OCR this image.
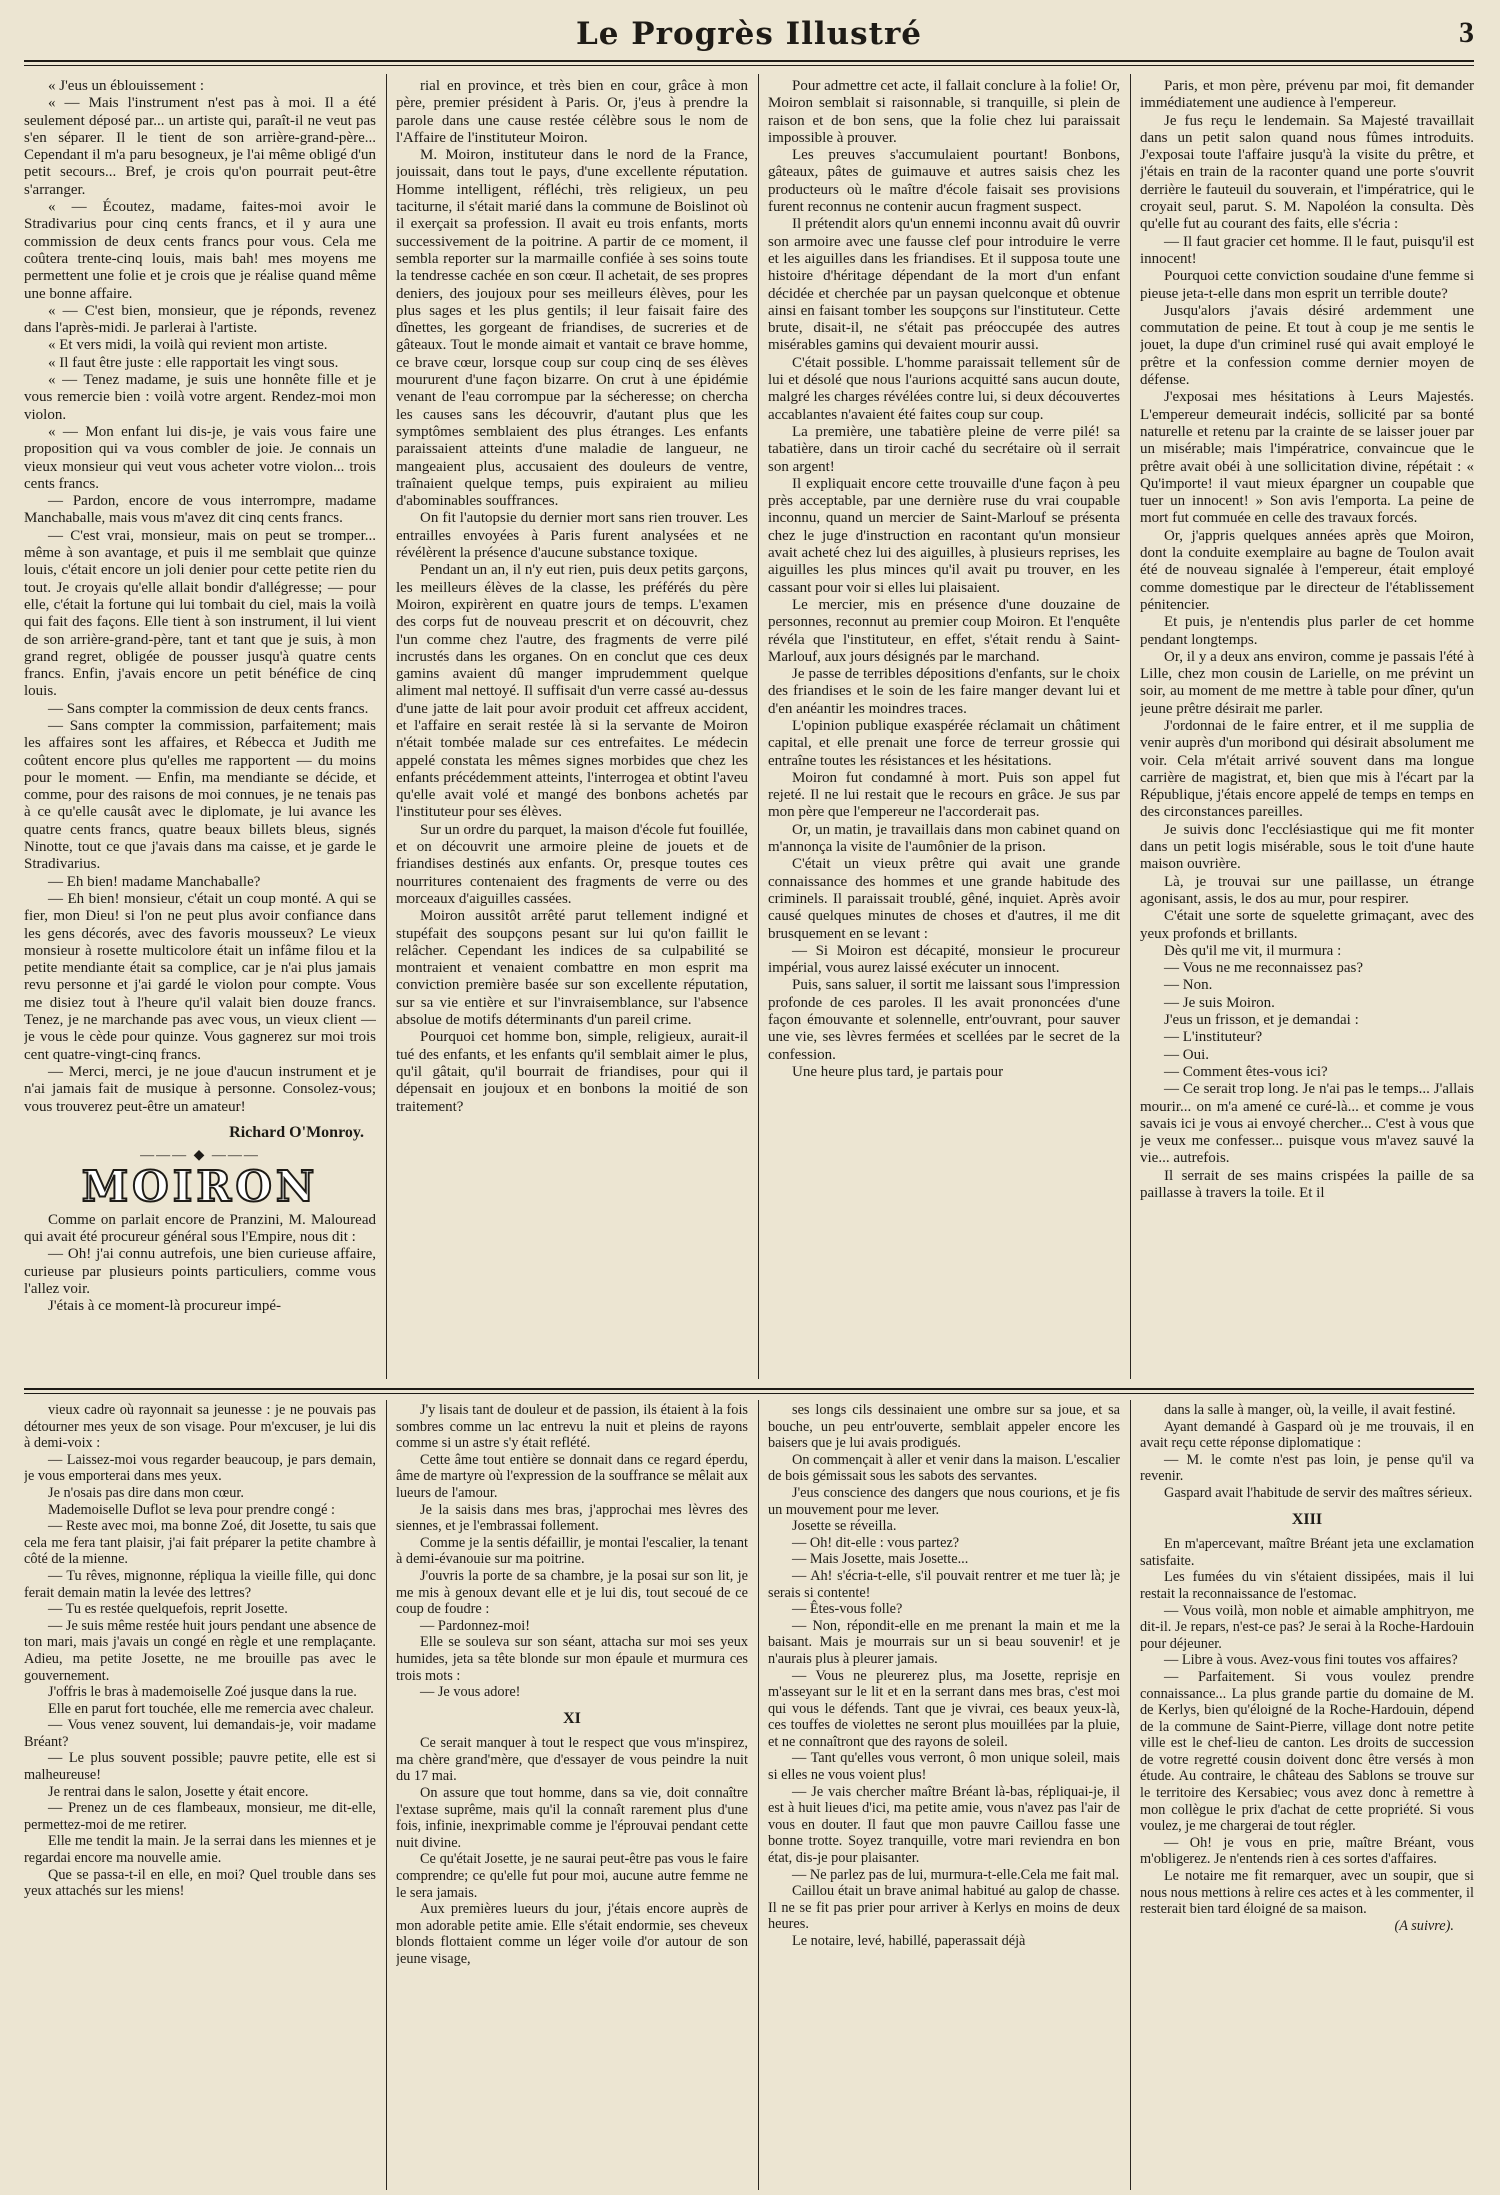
Le Progrès Illustré	3

« J'eus un éblouissement :

« — Mais l'instrument n'est pas à moi. Il a été seulement déposé par... un artiste qui, paraît-il ne veut pas s'en séparer. Il le tient de son arrière-grand-père... Cependant il m'a paru besogneux, je l'ai même obligé d'un petit secours... Bref, je crois qu'on pourrait peut-être s'arranger.

« — Écoutez, madame, faites-moi avoir le Stradivarius pour cinq cents francs, et il y aura une commission de deux cents francs pour vous. Cela me coûtera trente-cinq louis, mais bah! mes moyens me permettent une folie et je crois que je réalise quand même une bonne affaire.

« — C'est bien, monsieur, que je réponds, revenez dans l'après-midi. Je parlerai à l'artiste.

« Et vers midi, la voilà qui revient mon artiste.

« Il faut être juste : elle rapportait les vingt sous.

« — Tenez madame, je suis une honnête fille et je vous remercie bien : voilà votre argent. Rendez-moi mon violon.

« — Mon enfant lui dis-je, je vais vous faire une proposition qui va vous combler de joie. Je connais un vieux monsieur qui veut vous acheter votre violon... trois cents francs.

— Pardon, encore de vous interrompre, madame Manchaballe, mais vous m'avez dit cinq cents francs.

— C'est vrai, monsieur, mais on peut se tromper... même à son avantage, et puis il me semblait que quinze louis, c'était encore un joli denier pour cette petite rien du tout. Je croyais qu'elle allait bondir d'allégresse; — pour elle, c'était la fortune qui lui tombait du ciel, mais la voilà qui fait des façons. Elle tient à son instrument, il lui vient de son arrière-grand-père, tant et tant que je suis, à mon grand regret, obligée de pousser jusqu'à quatre cents francs. Enfin, j'avais encore un petit bénéfice de cinq louis.

— Sans compter la commission de deux cents francs.

— Sans compter la commission, parfaitement; mais les affaires sont les affaires, et Rébecca et Judith me coûtent encore plus qu'elles me rapportent — du moins pour le moment. — Enfin, ma mendiante se décide, et comme, pour des raisons de moi connues, je ne tenais pas à ce qu'elle causât avec le diplomate, je lui avance les quatre cents francs, quatre beaux billets bleus, signés Ninotte, tout ce que j'avais dans ma caisse, et je garde le Stradivarius.

— Eh bien! madame Manchaballe?

— Eh bien! monsieur, c'était un coup monté. A qui se fier, mon Dieu! si l'on ne peut plus avoir confiance dans les gens décorés, avec des favoris mousseux? Le vieux monsieur à rosette multicolore était un infâme filou et la petite mendiante était sa complice, car je n'ai plus jamais revu personne et j'ai gardé le violon pour compte. Vous me disiez tout à l'heure qu'il valait bien douze francs. Tenez, je ne marchande pas avec vous, un vieux client — je vous le cède pour quinze. Vous gagnerez sur moi trois cent quatre-vingt-cinq francs.

— Merci, merci, je ne joue d'aucun instrument et je n'ai jamais fait de musique à personne. Consolez-vous; vous trouverez peut-être un amateur!

Richard O'Monroy.

——— ◆ ———

MOIRON

Comme on parlait encore de Pranzini, M. Malouread qui avait été procureur général sous l'Empire, nous dit :

— Oh! j'ai connu autrefois, une bien curieuse affaire, curieuse par plusieurs points particuliers, comme vous l'allez voir.

J'étais à ce moment-là procureur impé-

rial en province, et très bien en cour, grâce à mon père, premier président à Paris. Or, j'eus à prendre la parole dans une cause restée célèbre sous le nom de l'Affaire de l'instituteur Moiron.

M. Moiron, instituteur dans le nord de la France, jouissait, dans tout le pays, d'une excellente réputation. Homme intelligent, réfléchi, très religieux, un peu taciturne, il s'était marié dans la commune de Boislinot où il exerçait sa profession. Il avait eu trois enfants, morts successivement de la poitrine. A partir de ce moment, il sembla reporter sur la marmaille confiée à ses soins toute la tendresse cachée en son cœur. Il achetait, de ses propres deniers, des joujoux pour ses meilleurs élèves, pour les plus sages et les plus gentils; il leur faisait faire des dînettes, les gorgeant de friandises, de sucreries et de gâteaux. Tout le monde aimait et vantait ce brave homme, ce brave cœur, lorsque coup sur coup cinq de ses élèves moururent d'une façon bizarre. On crut à une épidémie venant de l'eau corrompue par la sécheresse; on chercha les causes sans les découvrir, d'autant plus que les symptômes semblaient des plus étranges. Les enfants paraissaient atteints d'une maladie de langueur, ne mangeaient plus, accusaient des douleurs de ventre, traînaient quelque temps, puis expiraient au milieu d'abominables souffrances.

On fit l'autopsie du dernier mort sans rien trouver. Les entrailles envoyées à Paris furent analysées et ne révélèrent la présence d'aucune substance toxique.

Pendant un an, il n'y eut rien, puis deux petits garçons, les meilleurs élèves de la classe, les préférés du père Moiron, expirèrent en quatre jours de temps. L'examen des corps fut de nouveau prescrit et on découvrit, chez l'un comme chez l'autre, des fragments de verre pilé incrustés dans les organes. On en conclut que ces deux gamins avaient dû manger imprudemment quelque aliment mal nettoyé. Il suffisait d'un verre cassé au-dessus d'une jatte de lait pour avoir produit cet affreux accident, et l'affaire en serait restée là si la servante de Moiron n'était tombée malade sur ces entrefaites. Le médecin appelé constata les mêmes signes morbides que chez les enfants précédemment atteints, l'interrogea et obtint l'aveu qu'elle avait volé et mangé des bonbons achetés par l'instituteur pour ses élèves.

Sur un ordre du parquet, la maison d'école fut fouillée, et on découvrit une armoire pleine de jouets et de friandises destinés aux enfants. Or, presque toutes ces nourritures contenaient des fragments de verre ou des morceaux d'aiguilles cassées.

Moiron aussitôt arrêté parut tellement indigné et stupéfait des soupçons pesant sur lui qu'on faillit le relâcher. Cependant les indices de sa culpabilité se montraient et venaient combattre en mon esprit ma conviction première basée sur son excellente réputation, sur sa vie entière et sur l'invraisemblance, sur l'absence absolue de motifs déterminants d'un pareil crime.

Pourquoi cet homme bon, simple, religieux, aurait-il tué des enfants, et les enfants qu'il semblait aimer le plus, qu'il gâtait, qu'il bourrait de friandises, pour qui il dépensait en joujoux et en bonbons la moitié de son traitement?

Pour admettre cet acte, il fallait conclure à la folie! Or, Moiron semblait si raisonnable, si tranquille, si plein de raison et de bon sens, que la folie chez lui paraissait impossible à prouver.

Les preuves s'accumulaient pourtant! Bonbons, gâteaux, pâtes de guimauve et autres saisis chez les producteurs où le maître d'école faisait ses provisions furent reconnus ne contenir aucun fragment suspect.

Il prétendit alors qu'un ennemi inconnu avait dû ouvrir son armoire avec une fausse clef pour introduire le verre et les aiguilles dans les friandises. Et il supposa toute une histoire d'héritage dépendant de la mort d'un enfant décidée et cherchée par un paysan quelconque et obtenue ainsi en faisant tomber les soupçons sur l'instituteur. Cette brute, disait-il, ne s'était pas préoccupée des autres misérables gamins qui devaient mourir aussi.

C'était possible. L'homme paraissait tellement sûr de lui et désolé que nous l'aurions acquitté sans aucun doute, malgré les charges révélées contre lui, si deux découvertes accablantes n'avaient été faites coup sur coup.

La première, une tabatière pleine de verre pilé! sa tabatière, dans un tiroir caché du secrétaire où il serrait son argent!

Il expliquait encore cette trouvaille d'une façon à peu près acceptable, par une dernière ruse du vrai coupable inconnu, quand un mercier de Saint-Marlouf se présenta chez le juge d'instruction en racontant qu'un monsieur avait acheté chez lui des aiguilles, à plusieurs reprises, les aiguilles les plus minces qu'il avait pu trouver, en les cassant pour voir si elles lui plaisaient.

Le mercier, mis en présence d'une douzaine de personnes, reconnut au premier coup Moiron. Et l'enquête révéla que l'instituteur, en effet, s'était rendu à Saint-Marlouf, aux jours désignés par le marchand.

Je passe de terribles dépositions d'enfants, sur le choix des friandises et le soin de les faire manger devant lui et d'en anéantir les moindres traces.

L'opinion publique exaspérée réclamait un châtiment capital, et elle prenait une force de terreur grossie qui entraîne toutes les résistances et les hésitations.

Moiron fut condamné à mort. Puis son appel fut rejeté. Il ne lui restait que le recours en grâce. Je sus par mon père que l'empereur ne l'accorderait pas.

Or, un matin, je travaillais dans mon cabinet quand on m'annonça la visite de l'aumônier de la prison.

C'était un vieux prêtre qui avait une grande connaissance des hommes et une grande habitude des criminels. Il paraissait troublé, gêné, inquiet. Après avoir causé quelques minutes de choses et d'autres, il me dit brusquement en se levant :

— Si Moiron est décapité, monsieur le procureur impérial, vous aurez laissé exécuter un innocent.

Puis, sans saluer, il sortit me laissant sous l'impression profonde de ces paroles. Il les avait prononcées d'une façon émouvante et solennelle, entr'ouvrant, pour sauver une vie, ses lèvres fermées et scellées par le secret de la confession.

Une heure plus tard, je partais pour

Paris, et mon père, prévenu par moi, fit demander immédiatement une audience à l'empereur.

Je fus reçu le lendemain. Sa Majesté travaillait dans un petit salon quand nous fûmes introduits. J'exposai toute l'affaire jusqu'à la visite du prêtre, et j'étais en train de la raconter quand une porte s'ouvrit derrière le fauteuil du souverain, et l'impératrice, qui le croyait seul, parut. S. M. Napoléon la consulta. Dès qu'elle fut au courant des faits, elle s'écria :

— Il faut gracier cet homme. Il le faut, puisqu'il est innocent!

Pourquoi cette conviction soudaine d'une femme si pieuse jeta-t-elle dans mon esprit un terrible doute?

Jusqu'alors j'avais désiré ardemment une commutation de peine. Et tout à coup je me sentis le jouet, la dupe d'un criminel rusé qui avait employé le prêtre et la confession comme dernier moyen de défense.

J'exposai mes hésitations à Leurs Majestés. L'empereur demeurait indécis, sollicité par sa bonté naturelle et retenu par la crainte de se laisser jouer par un misérable; mais l'impératrice, convaincue que le prêtre avait obéi à une sollicitation divine, répétait : « Qu'importe! il vaut mieux épargner un coupable que tuer un innocent! » Son avis l'emporta. La peine de mort fut commuée en celle des travaux forcés.

Or, j'appris quelques années après que Moiron, dont la conduite exemplaire au bagne de Toulon avait été de nouveau signalée à l'empereur, était employé comme domestique par le directeur de l'établissement pénitencier.

Et puis, je n'entendis plus parler de cet homme pendant longtemps.

Or, il y a deux ans environ, comme je passais l'été à Lille, chez mon cousin de Larielle, on me prévint un soir, au moment de me mettre à table pour dîner, qu'un jeune prêtre désirait me parler.

J'ordonnai de le faire entrer, et il me supplia de venir auprès d'un moribond qui désirait absolument me voir. Cela m'était arrivé souvent dans ma longue carrière de magistrat, et, bien que mis à l'écart par la République, j'étais encore appelé de temps en temps en des circonstances pareilles.

Je suivis donc l'ecclésiastique qui me fit monter dans un petit logis misérable, sous le toit d'une haute maison ouvrière.

Là, je trouvai sur une paillasse, un étrange agonisant, assis, le dos au mur, pour respirer.

C'était une sorte de squelette grimaçant, avec des yeux profonds et brillants.

Dès qu'il me vit, il murmura :

— Vous ne me reconnaissez pas?

— Non.

— Je suis Moiron.

J'eus un frisson, et je demandai :

— L'instituteur?

— Oui.

— Comment êtes-vous ici?

— Ce serait trop long. Je n'ai pas le temps... J'allais mourir... on m'a amené ce curé-là... et comme je vous savais ici je vous ai envoyé chercher... C'est à vous que je veux me confesser... puisque vous m'avez sauvé la vie... autrefois.

Il serrait de ses mains crispées la paille de sa paillasse à travers la toile. Et il

vieux cadre où rayonnait sa jeunesse : je ne pouvais pas détourner mes yeux de son visage. Pour m'excuser, je lui dis à demi-voix :

— Laissez-moi vous regarder beaucoup, je pars demain, je vous emporterai dans mes yeux.

Je n'osais pas dire dans mon cœur.

Mademoiselle Duflot se leva pour prendre congé :

— Reste avec moi, ma bonne Zoé, dit Josette, tu sais que cela me fera tant plaisir, j'ai fait préparer la petite chambre à côté de la mienne.

— Tu rêves, mignonne, répliqua la vieille fille, qui donc ferait demain matin la levée des lettres?

— Tu es restée quelquefois, reprit Josette.

— Je suis même restée huit jours pendant une absence de ton mari, mais j'avais un congé en règle et une remplaçante. Adieu, ma petite Josette, ne me brouille pas avec le gouvernement.

J'offris le bras à mademoiselle Zoé jusque dans la rue.

Elle en parut fort touchée, elle me remercia avec chaleur.

— Vous venez souvent, lui demandais-je, voir madame Bréant?

— Le plus souvent possible; pauvre petite, elle est si malheureuse!

Je rentrai dans le salon, Josette y était encore.

— Prenez un de ces flambeaux, monsieur, me dit-elle, permettez-moi de me retirer.

Elle me tendit la main. Je la serrai dans les miennes et je regardai encore ma nouvelle amie.

Que se passa-t-il en elle, en moi? Quel trouble dans ses yeux attachés sur les miens!

J'y lisais tant de douleur et de passion, ils étaient à la fois sombres comme un lac entrevu la nuit et pleins de rayons comme si un astre s'y était reflété.

Cette âme tout entière se donnait dans ce regard éperdu, âme de martyre où l'expression de la souffrance se mêlait aux lueurs de l'amour.

Je la saisis dans mes bras, j'approchai mes lèvres des siennes, et je l'embrassai follement.

Comme je la sentis défaillir, je montai l'escalier, la tenant à demi-évanouie sur ma poitrine.

J'ouvris la porte de sa chambre, je la posai sur son lit, je me mis à genoux devant elle et je lui dis, tout secoué de ce coup de foudre :

— Pardonnez-moi!

Elle se souleva sur son séant, attacha sur moi ses yeux humides, jeta sa tête blonde sur mon épaule et murmura ces trois mots :

— Je vous adore!

XI

Ce serait manquer à tout le respect que vous m'inspirez, ma chère grand'mère, que d'essayer de vous peindre la nuit du 17 mai.

On assure que tout homme, dans sa vie, doit connaître l'extase suprême, mais qu'il la connaît rarement plus d'une fois, infinie, inexprimable comme je l'éprouvai pendant cette nuit divine.

Ce qu'était Josette, je ne saurai peut-être pas vous le faire comprendre; ce qu'elle fut pour moi, aucune autre femme ne le sera jamais.

Aux premières lueurs du jour, j'étais encore auprès de mon adorable petite amie. Elle s'était endormie, ses cheveux blonds flottaient comme un léger voile d'or autour de son jeune visage,

ses longs cils dessinaient une ombre sur sa joue, et sa bouche, un peu entr'ouverte, semblait appeler encore les baisers que je lui avais prodigués.

On commençait à aller et venir dans la maison. L'escalier de bois gémissait sous les sabots des servantes.

J'eus conscience des dangers que nous courions, et je fis un mouvement pour me lever.

Josette se réveilla.

— Oh! dit-elle : vous partez?

— Mais Josette, mais Josette...

— Ah! s'écria-t-elle, s'il pouvait rentrer et me tuer là; je serais si contente!

— Êtes-vous folle?

— Non, répondit-elle en me prenant la main et me la baisant. Mais je mourrais sur un si beau souvenir! et je n'aurais plus à pleurer jamais.

— Vous ne pleurerez plus, ma Josette, reprisje en m'asseyant sur le lit et en la serrant dans mes bras, c'est moi qui vous le défends. Tant que je vivrai, ces beaux yeux-là, ces touffes de violettes ne seront plus mouillées par la pluie, et ne connaîtront que des rayons de soleil.

— Tant qu'elles vous verront, ô mon unique soleil, mais si elles ne vous voient plus!

— Je vais chercher maître Bréant là-bas, répliquai-je, il est à huit lieues d'ici, ma petite amie, vous n'avez pas l'air de vous en douter. Il faut que mon pauvre Caillou fasse une bonne trotte. Soyez tranquille, votre mari reviendra en bon état, dis-je pour plaisanter.

— Ne parlez pas de lui, murmura-t-elle.Cela me fait mal.

Caillou était un brave animal habitué au galop de chasse. Il ne se fit pas prier pour arriver à Kerlys en moins de deux heures.

Le notaire, levé, habillé, paperassait déjà

dans la salle à manger, où, la veille, il avait festiné.

Ayant demandé à Gaspard où je me trouvais, il en avait reçu cette réponse diplomatique :

— M. le comte n'est pas loin, je pense qu'il va revenir.

Gaspard avait l'habitude de servir des maîtres sérieux.

XIII

En m'apercevant, maître Bréant jeta une exclamation satisfaite.

Les fumées du vin s'étaient dissipées, mais il lui restait la reconnaissance de l'estomac.

— Vous voilà, mon noble et aimable amphitryon, me dit-il. Je repars, n'est-ce pas? Je serai à la Roche-Hardouin pour déjeuner.

— Libre à vous. Avez-vous fini toutes vos affaires?

— Parfaitement. Si vous voulez prendre connaissance... La plus grande partie du domaine de M. de Kerlys, bien qu'éloigné de la Roche-Hardouin, dépend de la commune de Saint-Pierre, village dont notre petite ville est le chef-lieu de canton. Les droits de succession de votre regretté cousin doivent donc être versés à mon étude. Au contraire, le château des Sablons se trouve sur le territoire des Kersabiec; vous avez donc à remettre à mon collègue le prix d'achat de cette propriété. Si vous voulez, je me chargerai de tout régler.

— Oh! je vous en prie, maître Bréant, vous m'obligerez. Je n'entends rien à ces sortes d'affaires.

Le notaire me fit remarquer, avec un soupir, que si nous nous mettions à relire ces actes et à les commenter, il resterait bien tard éloigné de sa maison.

(A suivre).
